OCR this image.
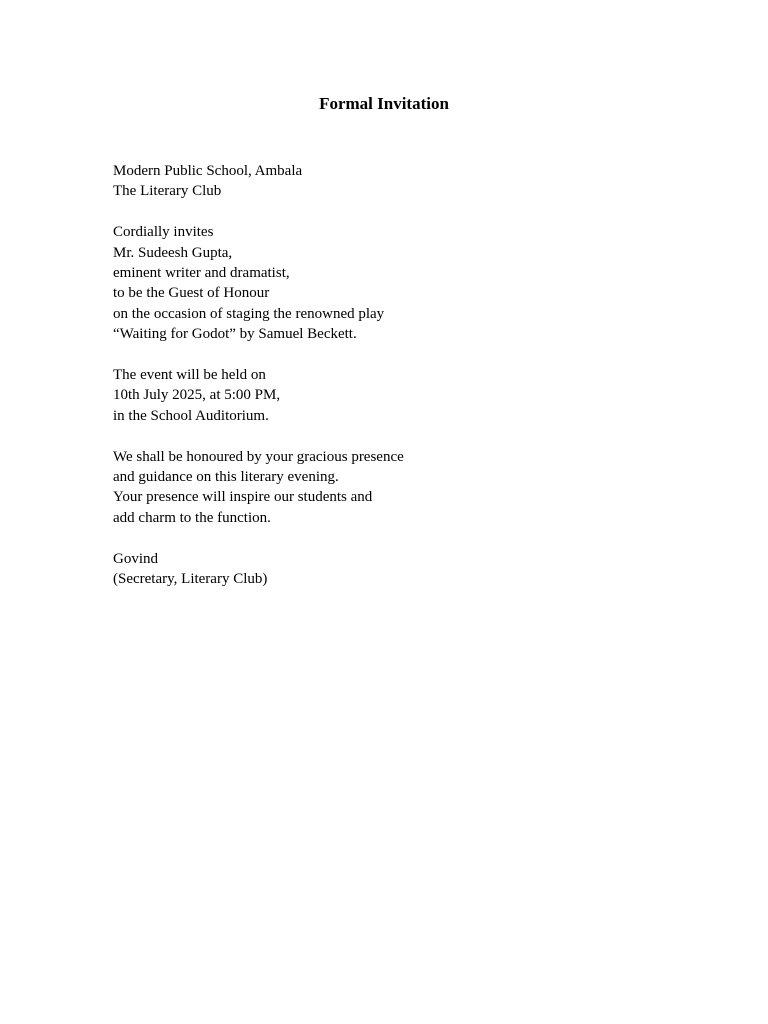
Formal Invitation
Modern Public School, Ambala
The Literary Club
Cordially invites
Mr. Sudeesh Gupta,
eminent writer and dramatist,
to be the Guest of Honour
on the occasion of staging the renowned play
“Waiting for Godot” by Samuel Beckett.
The event will be held on
10th July 2025, at 5:00 PM,
in the School Auditorium.
We shall be honoured by your gracious presence
and guidance on this literary evening.
Your presence will inspire our students and
add charm to the function.
Govind
(Secretary, Literary Club)
